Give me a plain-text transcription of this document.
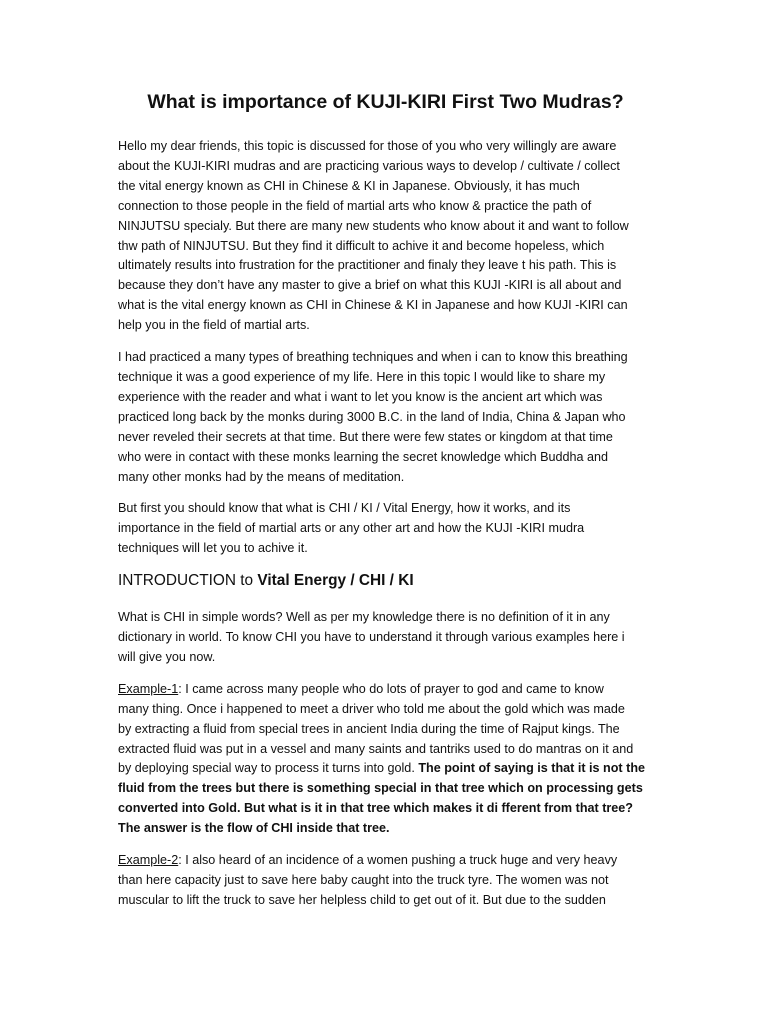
What is importance of KUJI-KIRI First Two Mudras?

Hello my dear friends, this topic is discussed for those of you who very willingly are aware
about the KUJI-KIRI mudras and are practicing various ways to develop / cultivate / collect
the vital energy known as CHI in Chinese & KI in Japanese. Obviously, it has much
connection to those people in the field of martial arts who know & practice the path of
NINJUTSU specialy. But there are many new students who know about it and want to follow
thw path of NINJUTSU. But they find it difficult to achive it and become hopeless, which
ultimately results into frustration for the practitioner and finaly they leave t his path. This is
because they don’t have any master to give a brief on what this KUJI -KIRI is all about and
what is the vital energy known as CHI in Chinese & KI in Japanese and how KUJI -KIRI can
help you in the field of martial arts.

I had practiced a many types of breathing techniques and when i can to know this breathing
technique it was a good experience of my life. Here in this topic I would like to share my
experience with the reader and what i want to let you know is the ancient art which was
practiced long back by the monks during 3000 B.C. in the land of India, China & Japan who
never reveled their secrets at that time. But there were few states or kingdom at that time
who were in contact with these monks learning the secret knowledge which Buddha and
many other monks had by the means of meditation.

But first you should know that what is CHI / KI / Vital Energy, how it works, and its
importance in the field of martial arts or any other art and how the KUJI -KIRI mudra
techniques will let you to achive it.

INTRODUCTION to Vital Energy / CHI / KI

What is CHI in simple words? Well as per my knowledge there is no definition of it in any
dictionary in world. To know CHI you have to understand it through various examples here i
will give you now.

Example-1: I came across many people who do lots of prayer to god and came to know
many thing. Once i happened to meet a driver who told me about the gold which was made
by extracting a fluid from special trees in ancient India during the time of Rajput kings. The
extracted fluid was put in a vessel and many saints and tantriks used to do mantras on it and
by deploying special way to process it turns into gold. The point of saying is that it is not the
fluid from the trees but there is something special in that tree which on processing gets
converted into Gold. But what is it in that tree which makes it di fferent from that tree?
The answer is the flow of CHI inside that tree.

Example-2: I also heard of an incidence of a women pushing a truck huge and very heavy
than here capacity just to save here baby caught into the truck tyre. The women was not
muscular to lift the truck to save her helpless child to get out of it. But due to the sudden
